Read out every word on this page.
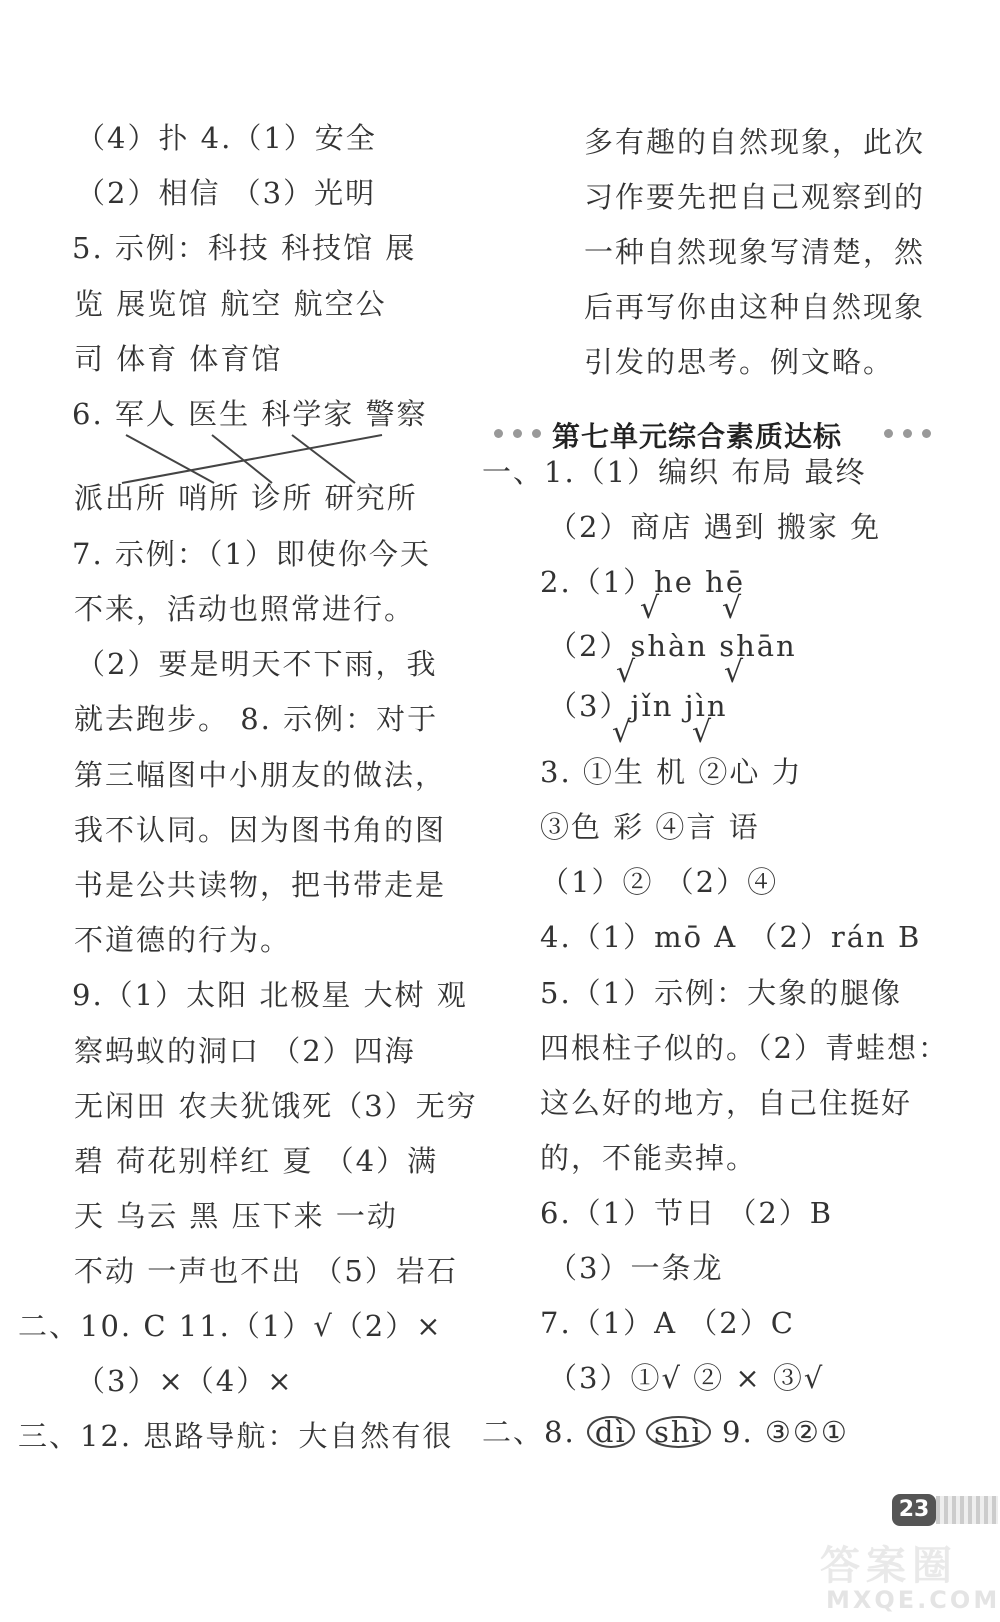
（4）扑 4.（1）安全
（2）相信 （3）光明
5. 示例：科技 科技馆 展
览 展览馆 航空 航空公
司 体育 体育馆
6. 军人 医生 科学家 警察
派出所 哨所 诊所 研究所
7. 示例：（1）即使你今天
不来，活动也照常进行。
（2）要是明天不下雨，我
就去跑步。 8. 示例：对于
第三幅图中小朋友的做法，
我不认同。因为图书角的图
书是公共读物，把书带走是
不道德的行为。
9.（1）太阳 北极星 大树 观
察蚂蚁的洞口 （2）四海
无闲田 农夫犹饿死（3）无穷
碧 荷花别样红 夏 （4）满
天 乌云 黑 压下来 一动
不动 一声也不出 （5）岩石
二、10. C 11.（1）√（2）×
（3）×（4）×
三、12. 思路导航：大自然有很
多有趣的自然现象，此次
习作要先把自己观察到的
一种自然现象写清楚，然
后再写你由这种自然现象
引发的思考。例文略。
第七单元综合素质达标
一、1.（1）编织 布局 最终
（2）商店 遇到 搬家 免
2.（1）he hē
√ √
（2）shàn shān
√	√
（3）jǐn jìn
√ √
3. ①生 机 ②心 力
③色 彩 ④言 语
（1）② （2）④
4.（1）mō A （2）rán B
5.（1）示例：大象的腿像
四根柱子似的。（2）青蛙想：
这么好的地方，自己住挺好
的，不能卖掉。
6.（1）节日 （2）B
（3）一条龙
7.（1）A （2）C
（3）①√ ② × ③√
二、8. dì shì 9. ③②①
23
答案圈
MXQE.COM
